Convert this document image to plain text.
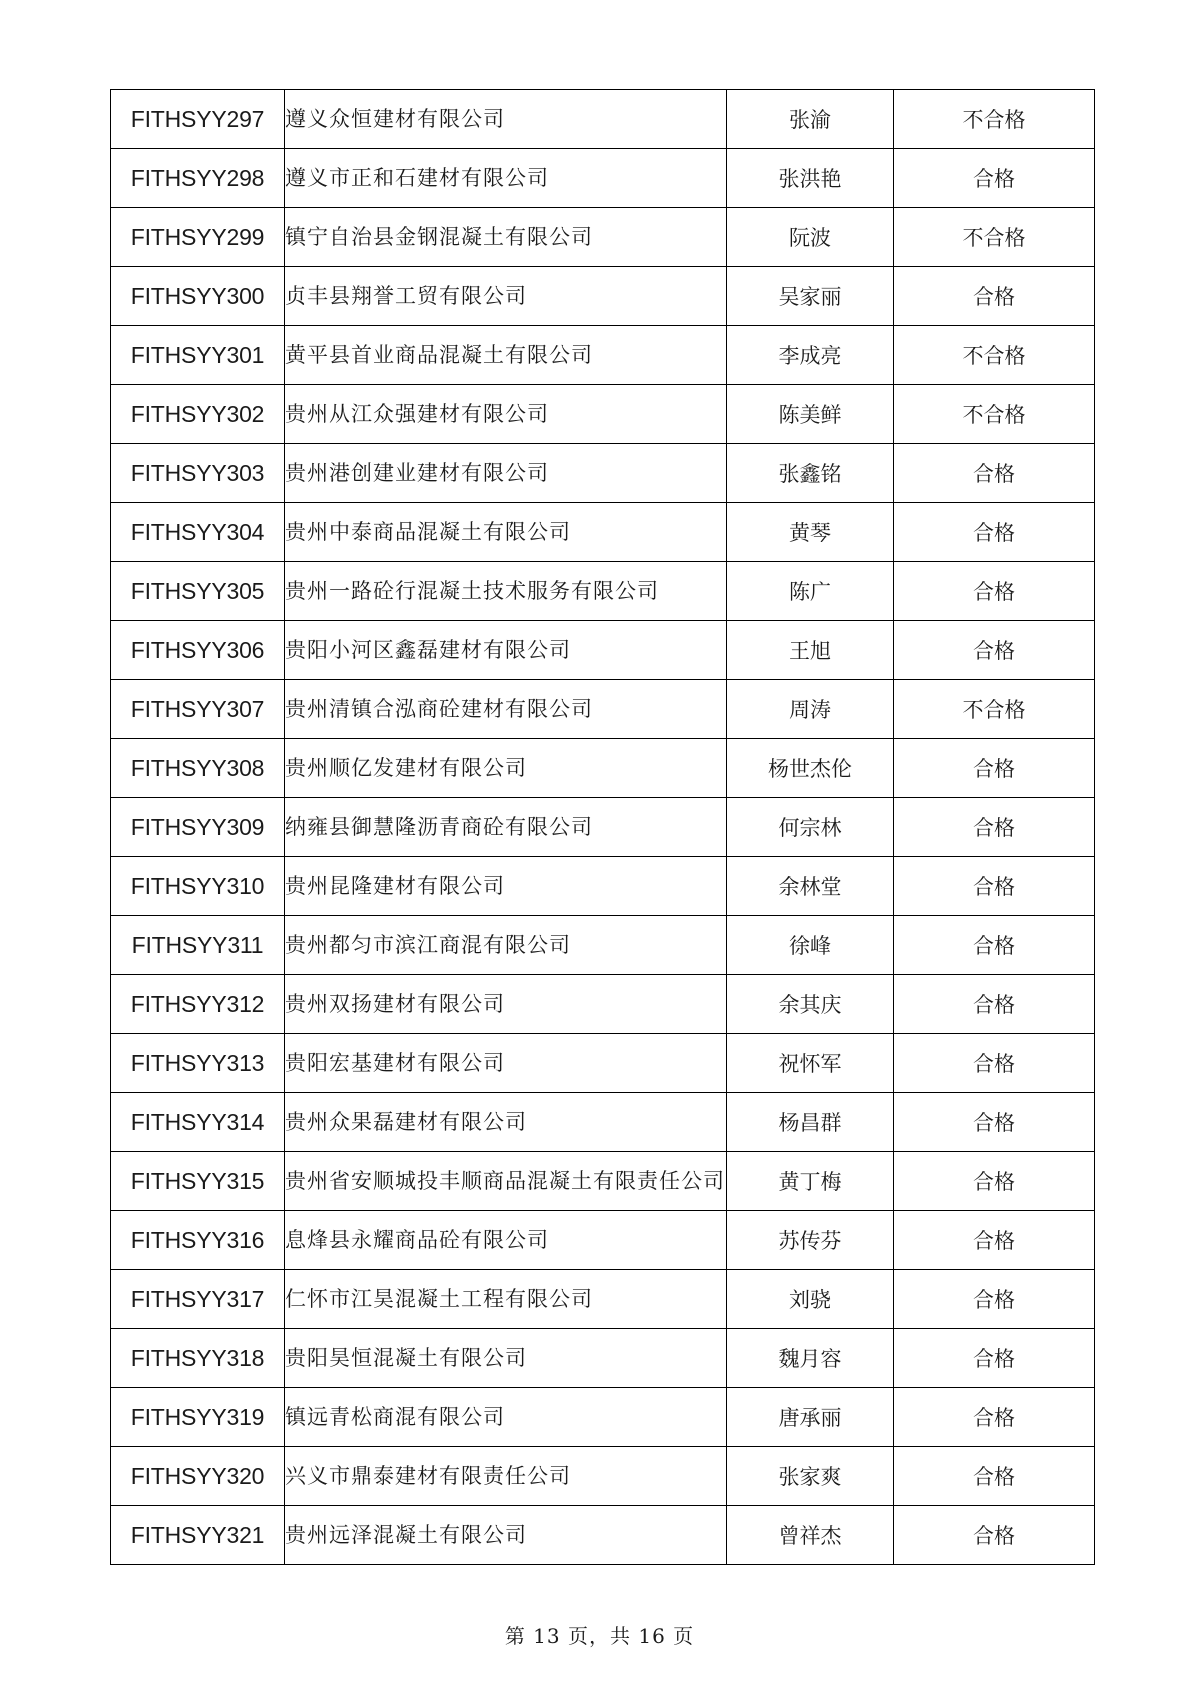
FITHSYY297	遵义众恒建材有限公司	张渝	不合格
FITHSYY298	遵义市正和石建材有限公司	张洪艳	合格
FITHSYY299	镇宁自治县金钢混凝土有限公司	阮波	不合格
FITHSYY300	贞丰县翔誉工贸有限公司	吴家丽	合格
FITHSYY301	黄平县首业商品混凝土有限公司	李成亮	不合格
FITHSYY302	贵州从江众强建材有限公司	陈美鲜	不合格
FITHSYY303	贵州港创建业建材有限公司	张鑫铭	合格
FITHSYY304	贵州中泰商品混凝土有限公司	黄琴	合格
FITHSYY305	贵州一路砼行混凝土技术服务有限公司	陈广	合格
FITHSYY306	贵阳小河区鑫磊建材有限公司	王旭	合格
FITHSYY307	贵州清镇合泓商砼建材有限公司	周涛	不合格
FITHSYY308	贵州顺亿发建材有限公司	杨世杰伦	合格
FITHSYY309	纳雍县御慧隆沥青商砼有限公司	何宗林	合格
FITHSYY310	贵州昆隆建材有限公司	余林堂	合格
FITHSYY311	贵州都匀市滨江商混有限公司	徐峰	合格
FITHSYY312	贵州双扬建材有限公司	余其庆	合格
FITHSYY313	贵阳宏基建材有限公司	祝怀军	合格
FITHSYY314	贵州众果磊建材有限公司	杨昌群	合格
FITHSYY315	贵州省安顺城投丰顺商品混凝土有限责任公司	黄丁梅	合格
FITHSYY316	息烽县永耀商品砼有限公司	苏传芬	合格
FITHSYY317	仁怀市江昊混凝土工程有限公司	刘骁	合格
FITHSYY318	贵阳昊恒混凝土有限公司	魏月容	合格
FITHSYY319	镇远青松商混有限公司	唐承丽	合格
FITHSYY320	兴义市鼎泰建材有限责任公司	张家爽	合格
FITHSYY321	贵州远泽混凝土有限公司	曾祥杰	合格
第 13 页，共 16 页
